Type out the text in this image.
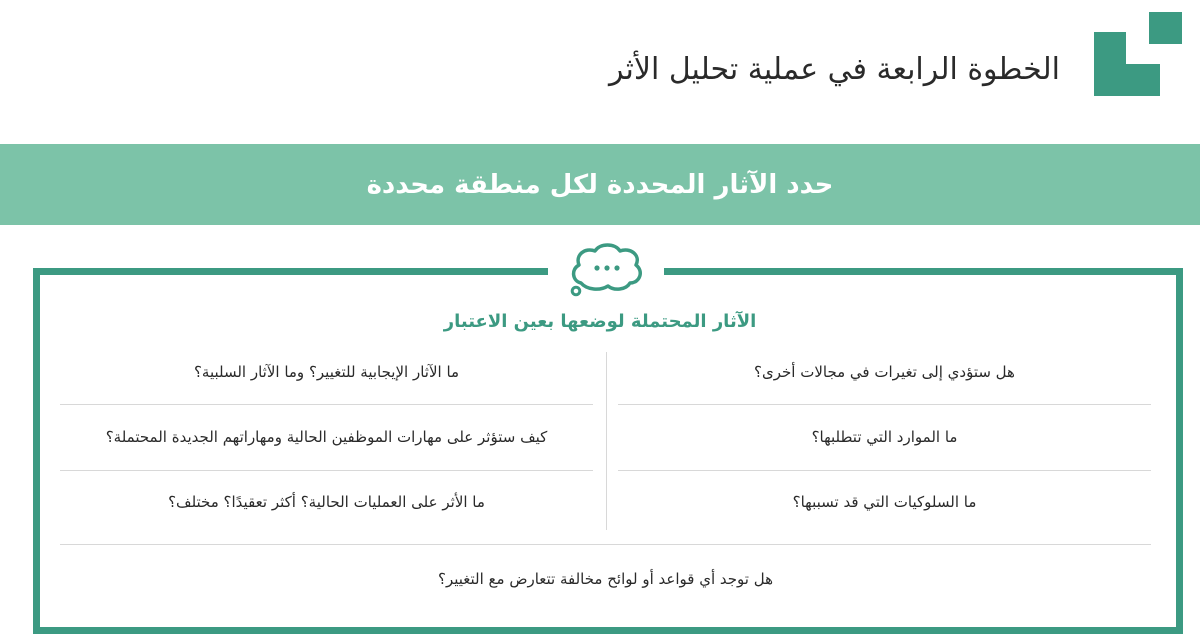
الخطوة الرابعة في عملية تحليل الأثر
حدد الآثار المحددة لكل منطقة محددة
الآثار المحتملة لوضعها بعين الاعتبار
هل ستؤدي إلى تغيرات في مجالات أخرى؟
ما الموارد التي تتطلبها؟
ما السلوكيات التي قد تسببها؟
ما الآثار الإيجابية للتغيير؟ وما الآثار السلبية؟
كيف ستؤثر على مهارات الموظفين الحالية ومهاراتهم الجديدة المحتملة؟
ما الأثر على العمليات الحالية؟ أكثر تعقيدًا؟ مختلف؟
هل توجد أي قواعد أو لوائح مخالفة تتعارض مع التغيير؟
